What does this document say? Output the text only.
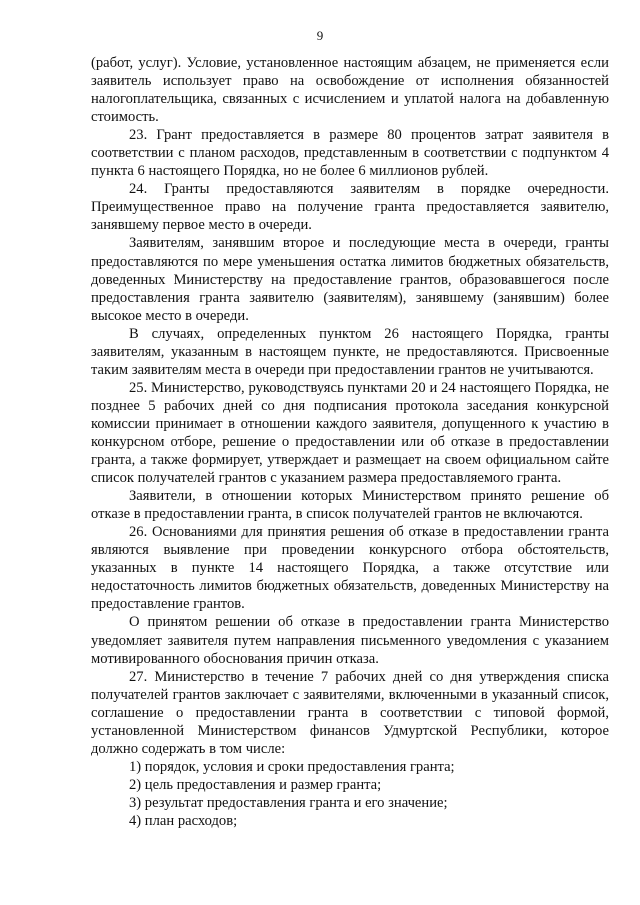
9

(работ, услуг). Условие, установленное настоящим абзацем, не применяется если заявитель использует право на освобождение от исполнения обязанностей налогоплательщика, связанных с исчислением и уплатой налога на добавленную стоимость.

23. Грант предоставляется в размере 80 процентов затрат заявителя в соответствии с планом расходов, представленным в соответствии с подпунктом 4 пункта 6 настоящего Порядка, но не более 6 миллионов рублей.

24. Гранты предоставляются заявителям в порядке очередности. Преимущественное право на получение гранта предоставляется заявителю, занявшему первое место в очереди.

Заявителям, занявшим второе и последующие места в очереди, гранты предоставляются по мере уменьшения остатка лимитов бюджетных обязательств, доведенных Министерству на предоставление грантов, образовавшегося после предоставления гранта заявителю (заявителям), занявшему (занявшим) более высокое место в очереди.

В случаях, определенных пунктом 26 настоящего Порядка, гранты заявителям, указанным в настоящем пункте, не предоставляются. Присвоенные таким заявителям места в очереди при предоставлении грантов не учитываются.

25. Министерство, руководствуясь пунктами 20 и 24 настоящего Порядка, не позднее 5 рабочих дней со дня подписания протокола заседания конкурсной комиссии принимает в отношении каждого заявителя, допущенного к участию в конкурсном отборе, решение о предоставлении или об отказе в предоставлении гранта, а также формирует, утверждает и размещает на своем официальном сайте список получателей грантов с указанием размера предоставляемого гранта.

Заявители, в отношении которых Министерством принято решение об отказе в предоставлении гранта, в список получателей грантов не включаются.

26. Основаниями для принятия решения об отказе в предоставлении гранта являются выявление при проведении конкурсного отбора обстоятельств, указанных в пункте 14 настоящего Порядка, а также отсутствие или недостаточность лимитов бюджетных обязательств, доведенных Министерству на предоставление грантов.

О принятом решении об отказе в предоставлении гранта Министерство уведомляет заявителя путем направления письменного уведомления с указанием мотивированного обоснования причин отказа.

27. Министерство в течение 7 рабочих дней со дня утверждения списка получателей грантов заключает с заявителями, включенными в указанный список, соглашение о предоставлении гранта в соответствии с типовой формой, установленной Министерством финансов Удмуртской Республики, которое должно содержать в том числе:

1) порядок, условия и сроки предоставления гранта;

2) цель предоставления и размер гранта;

3) результат предоставления гранта и его значение;

4) план расходов;
